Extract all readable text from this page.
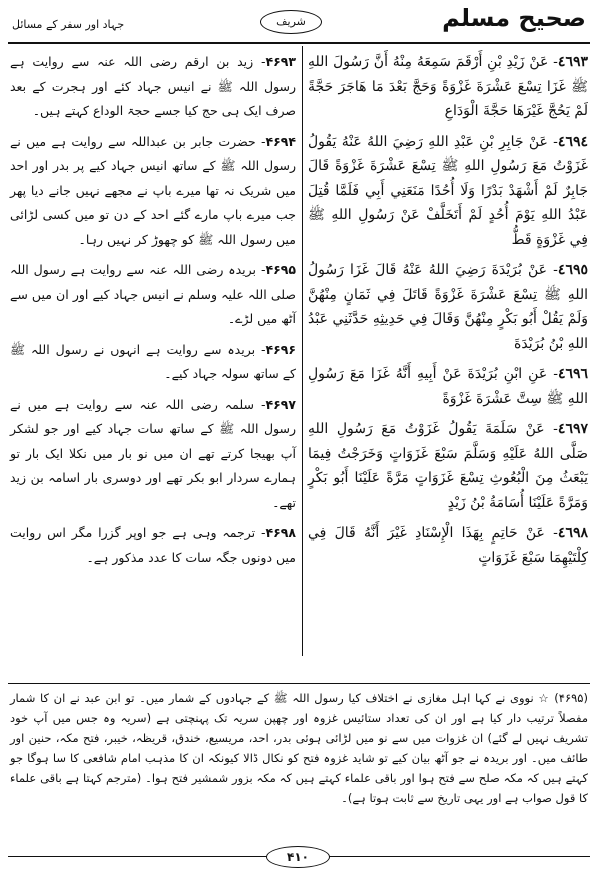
جہاد اور سفر کے مسائل	شریف	صحیح مسلم

٤٦٩٣- عَنْ زَيْدِ بْنِ أَرْقَمَ سَمِعَهُ مِنْهُ أَنَّ رَسُولَ اللهِ ﷺ غَزَا تِسْعَ عَشْرَةَ غَزْوَةً وَحَجَّ بَعْدَ مَا هَاجَرَ حَجَّةً لَمْ يَحُجَّ غَيْرَهَا حَجَّةَ الْوَدَاعِ

٤٦٩٤- عَنْ جَابِرِ بْنِ عَبْدِ اللهِ رَضِيَ اللهُ عَنْهُ يَقُولُ غَزَوْتُ مَعَ رَسُولِ اللهِ ﷺ تِسْعَ عَشْرَةَ غَزْوَةً قَالَ جَابِرٌ لَمْ أَشْهَدْ بَدْرًا وَلَا أُحُدًا مَنَعَنِي أَبِي فَلَمَّا قُتِلَ عَبْدُ اللهِ يَوْمَ أُحُدٍ لَمْ أَتَخَلَّفْ عَنْ رَسُولِ اللهِ ﷺ فِي غَزْوَةٍ قَطُّ

٤٦٩٥- عَنْ بُرَيْدَةَ رَضِيَ اللهُ عَنْهُ قَالَ غَزَا رَسُولُ اللهِ ﷺ تِسْعَ عَشْرَةَ غَزْوَةً قَاتَلَ فِي ثَمَانٍ مِنْهُنَّ وَلَمْ يَقُلْ أَبُو بَكْرٍ مِنْهُنَّ وَقَالَ فِي حَدِيثِهِ حَدَّثَنِي عَبْدُ اللهِ بْنُ بُرَيْدَةَ

٤٦٩٦- عَنِ ابْنِ بُرَيْدَةَ عَنْ أَبِيهِ أَنَّهُ غَزَا مَعَ رَسُولِ اللهِ ﷺ سِتَّ عَشْرَةَ غَزْوَةً

٤٦٩٧- عَنْ سَلَمَةَ يَقُولُ غَزَوْتُ مَعَ رَسُولِ اللهِ صَلَّى اللهُ عَلَيْهِ وَسَلَّمَ سَبْعَ غَزَوَاتٍ وَخَرَجْتُ فِيمَا يَبْعَثُ مِنَ الْبُعُوثِ تِسْعَ غَزَوَاتٍ مَرَّةً عَلَيْنَا أَبُو بَكْرٍ وَمَرَّةً عَلَيْنَا أُسَامَةُ بْنُ زَيْدٍ

٤٦٩٨- عَنْ حَاتِمٍ بِهَذَا الْإِسْنَادِ غَيْرَ أَنَّهُ قَالَ فِي كِلْتَيْهِمَا سَبْعَ غَزَوَاتٍ

۴۶۹۳- زید بن ارقم رضی اللہ عنہ سے روایت ہے رسول اللہ ﷺ نے انیس جہاد کئے اور ہجرت کے بعد صرف ایک ہی حج کیا جسے حجۃ الوداع کہتے ہیں۔

۴۶۹۴- حضرت جابر بن عبداللہ سے روایت ہے میں نے رسول اللہ ﷺ کے ساتھ انیس جہاد کیے پر بدر اور احد میں شریک نہ تھا میرے باپ نے مجھے نہیں جانے دیا پھر جب میرے باپ مارے گئے احد کے دن تو میں کسی لڑائی میں رسول اللہ ﷺ کو چھوڑ کر نہیں رہا۔

۴۶۹۵- بریدہ رضی اللہ عنہ سے روایت ہے رسول اللہ صلی اللہ علیہ وسلم نے انیس جہاد کیے اور ان میں سے آٹھ میں لڑے۔

۴۶۹۶- بریدہ سے روایت ہے انہوں نے رسول اللہ ﷺ کے ساتھ سولہ جہاد کیے۔

۴۶۹۷- سلمہ رضی اللہ عنہ سے روایت ہے میں نے رسول اللہ ﷺ کے ساتھ سات جہاد کیے اور جو لشکر آپ بھیجا کرتے تھے ان میں نو بار میں نکلا ایک بار تو ہمارے سردار ابو بکر تھے اور دوسری بار اسامہ بن زید تھے۔

۴۶۹۸- ترجمہ وہی ہے جو اوپر گزرا مگر اس روایت میں دونوں جگہ سات کا عدد مذکور ہے۔

(۴۶۹۵) ☆ نووی نے کہا اہل مغازی نے اختلاف کیا رسول اللہ ﷺ کے جہادوں کے شمار میں۔ تو ابن عبد نے ان کا شمار مفصلاً ترتیب دار کیا ہے اور ان کی تعداد ستائیس غزوہ اور چھپن سریہ تک پہنچتی ہے (سریہ وہ جس میں آپ خود تشریف نہیں لے گئے) ان غزوات میں سے نو میں لڑائی ہوئی بدر، احد، مریسیع، خندق، قریظہ، خیبر، فتح مکہ، حنین اور طائف میں۔ اور بریدہ نے جو آٹھ بیان کیے تو شاید غزوہ فتح کو نکال ڈالا کیونکہ ان کا مذہب امام شافعی کا سا ہوگا جو کہتے ہیں کہ مکہ صلح سے فتح ہوا اور باقی علماء کہتے ہیں کہ مکہ بزور شمشیر فتح ہوا۔ (مترجم کہتا ہے باقی علماء کا قول صواب ہے اور یہی تاریخ سے ثابت ہوتا ہے)۔
۴۱۰
